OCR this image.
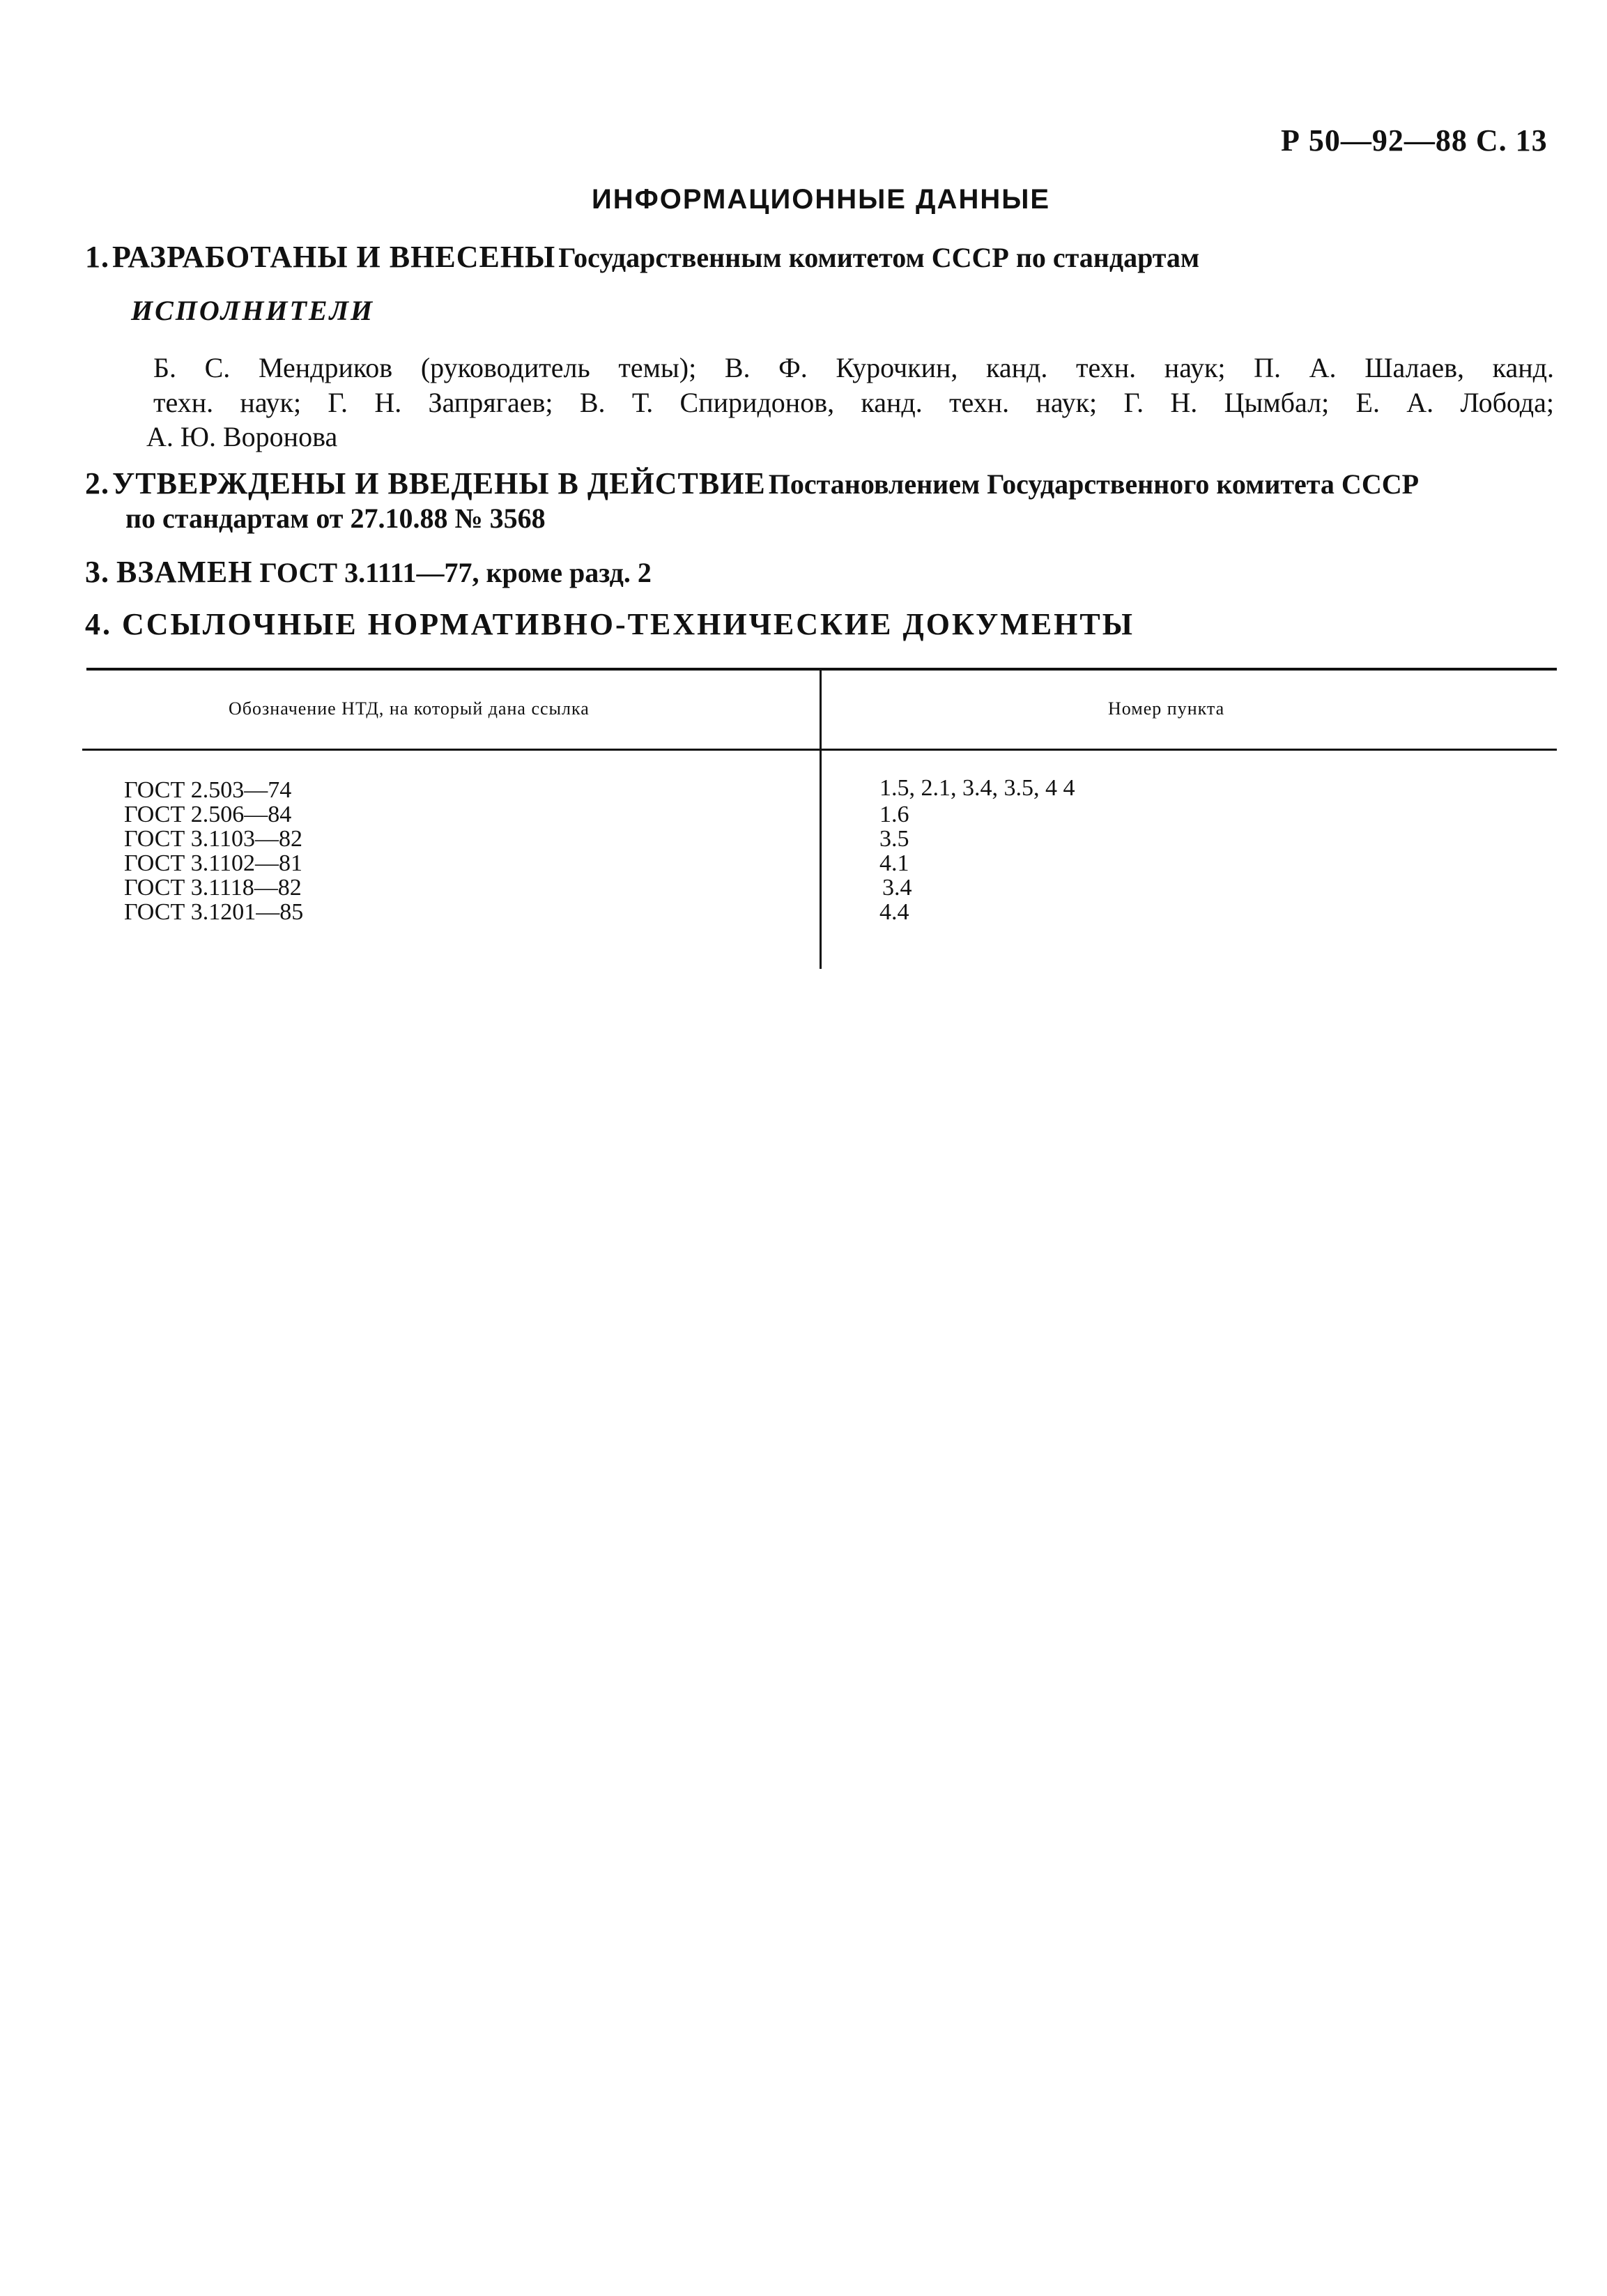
Р 50—92—88 С. 13
ИНФОРМАЦИОННЫЕ ДАННЫЕ
1. РАЗРАБОТАНЫ И ВНЕСЕНЫ Государственным комитетом СССР по стандартам
ИСПОЛНИТЕЛИ
Б. С. Мендриков (руководитель темы); В. Ф. Курочкин, канд. техн. наук; П. А. Шалаев, канд.
техн. наук; Г. Н. Запрягаев; В. Т. Спиридонов, канд. техн. наук; Г. Н. Цымбал; Е. А. Лобода;
А. Ю. Воронова
2. УТВЕРЖДЕНЫ И ВВЕДЕНЫ В ДЕЙСТВИЕ Постановлением Государственного комитета СССР
по стандартам от 27.10.88 № 3568
3. ВЗАМЕН ГОСТ 3.1111—77, кроме разд. 2
4. ССЫЛОЧНЫЕ НОРМАТИВНО-ТЕХНИЧЕСКИЕ ДОКУМЕНТЫ
Обозначение НТД, на который дана ссылка	Номер пункта
ГОСТ 2.503—74	1.5, 2.1, 3.4, 3.5, 4 4
ГОСТ 2.506—84	1.6
ГОСТ 3.1103—82	3.5
ГОСТ 3.1102—81	4.1
ГОСТ 3.1118—82	3.4
ГОСТ 3.1201—85	4.4
